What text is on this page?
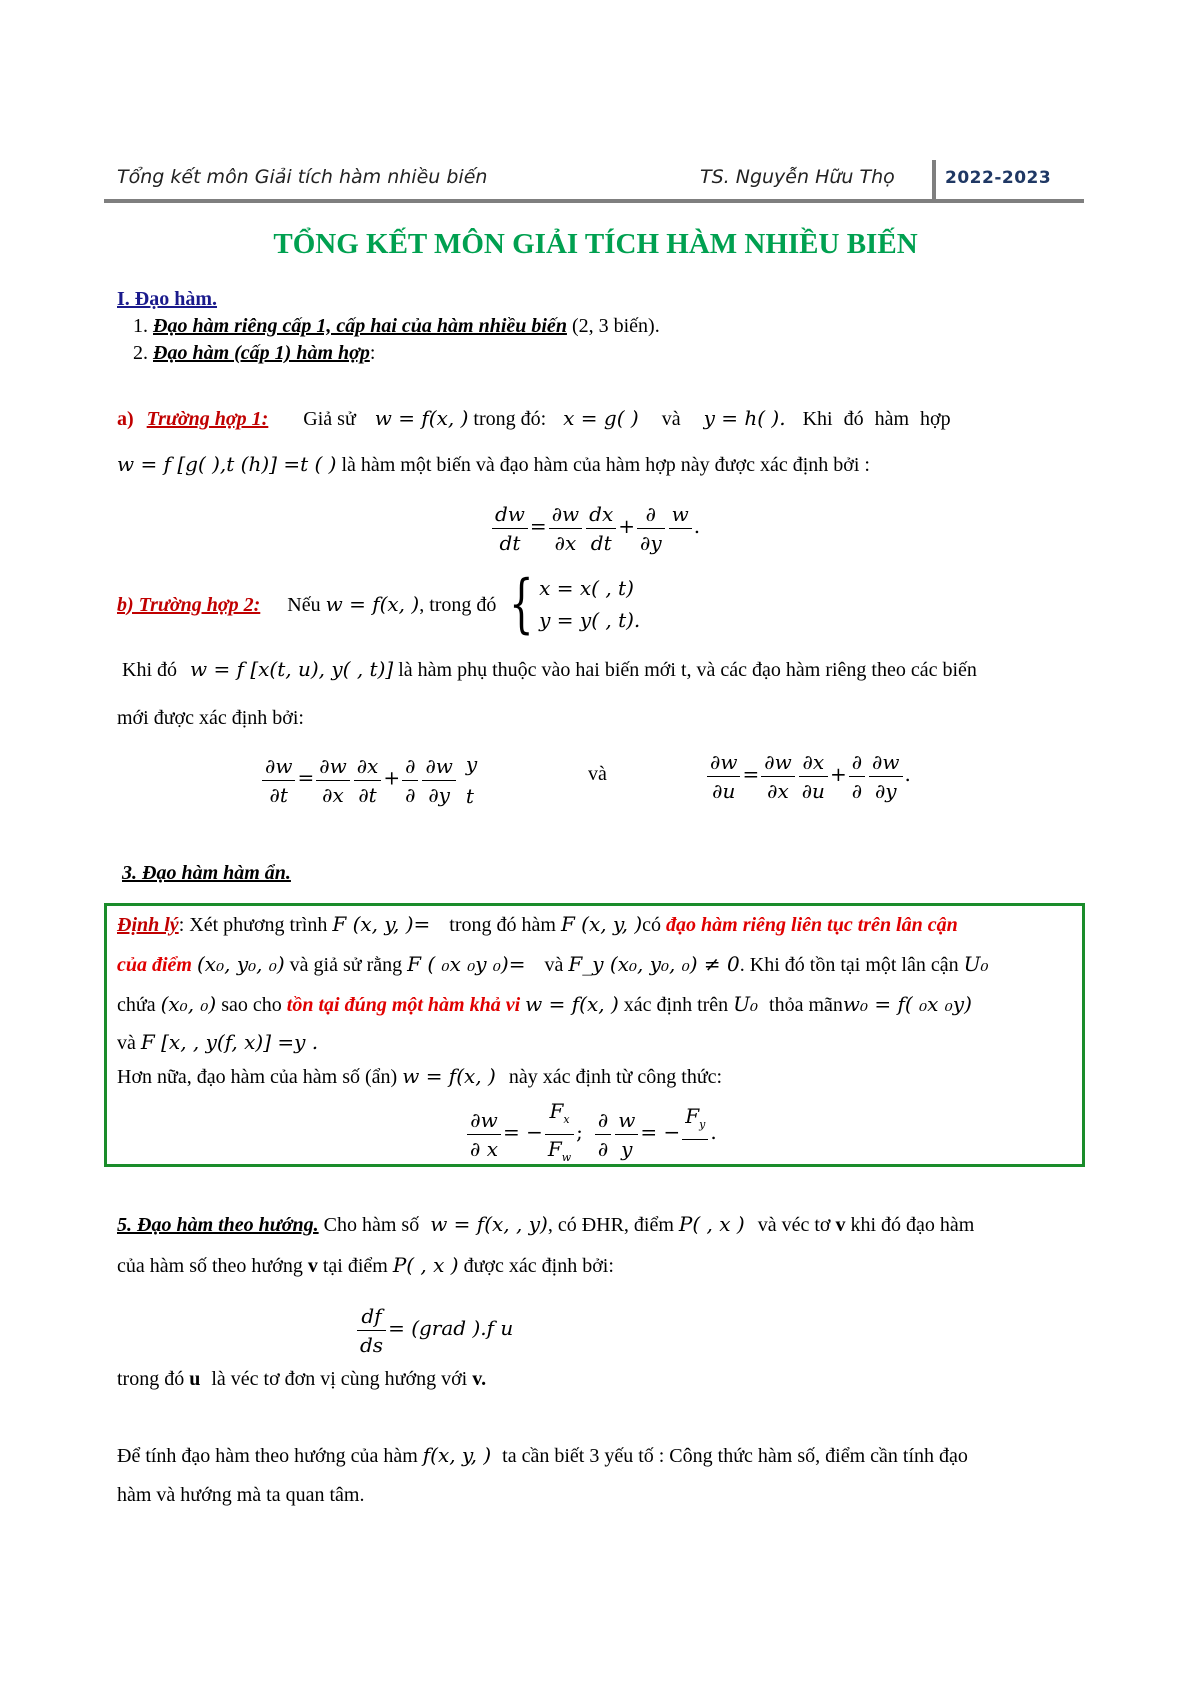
Tổng kết môn Giải tích hàm nhiều biến	TS. Nguyễn Hữu Thọ	2022-2023
TỔNG KẾT MÔN GIẢI TÍCH HÀM NHIỀU BIẾN
I. Đạo hàm.
1. Đạo hàm riêng cấp 1, cấp hai của hàm nhiều biến (2, 3 biến).
2. Đạo hàm (cấp 1) hàm hợp:
a) Trường hợp 1: Giả sử w = f(x, ) trong đó: x = g( ) và y = h( ). Khi đó hàm hợp
w = f [g( ),t (h)] =t ( ) là hàm một biến và đạo hàm của hàm hợp này được xác định bởi :
$\frac{dw}{dt} = \frac{\partial w}{\partial x} \frac{dx}{dt} + \frac{\partial}{\partial y}$ w

.
b) Trường hợp 2: Nếu w = f(x, ), trong đó { x = x( , t)
y = y( , t).
Khi đó w = f [x(t, u), y( , t)] là hàm phụ thuộc vào hai biến mới t, và các đạo hàm riêng theo các biến
mới được xác định bởi:
$\frac{\partial w}{\partial t} = \frac{\partial w}{\partial x} \frac{\partial x}{\partial t} + \frac{\partial}{\partial} \frac{\partial w}{\partial y}$ y
t
và	$\frac{\partial w}{\partial u} = \frac{\partial w}{\partial x} \frac{\partial x}{\partial u} + \frac{\partial}{\partial} \frac{\partial w}{\partial y}$ .
3. Đạo hàm hàm ẩn.
Định lý: Xét phương trình F (x, y, )= trong đó hàm F (x, y, )có đạo hàm riêng liên tục trên lân cận
của điểm (x₀, y₀, ₀) và giả sử rằng F ( ₀x ₀y ₀)= và F_y (x₀, y₀, ₀) ≠ 0. Khi đó tồn tại một lân cận U₀
chứa (x₀, ₀) sao cho tồn tại đúng một hàm khả vi w = f(x, ) xác định trên U₀ thỏa mãnw₀ = f( ₀x ₀y)
và F [x, , y(f, x)] =y .
Hơn nữa, đạo hàm của hàm số (ẩn) w = f(x, ) này xác định từ công thức:
$\frac{\partial w}{\partial x}$ = − $\frac{F_x}{F_w}$ ; $\frac{\partial}{\partial} \frac{w}{y}$ = −
$F_y$
.
5. Đạo hàm theo hướng. Cho hàm số w = f(x, , y), có ĐHR, điểm P( , x ) và véc tơ v khi đó đạo hàm
của hàm số theo hướng v tại điểm P( , x ) được xác định bởi:
$\frac{df}{ds}$ = (grad ).f u
trong đó u là véc tơ đơn vị cùng hướng với v.
Để tính đạo hàm theo hướng của hàm f(x, y, ) ta cần biết 3 yếu tố : Công thức hàm số, điểm cần tính đạo
hàm và hướng mà ta quan tâm.
